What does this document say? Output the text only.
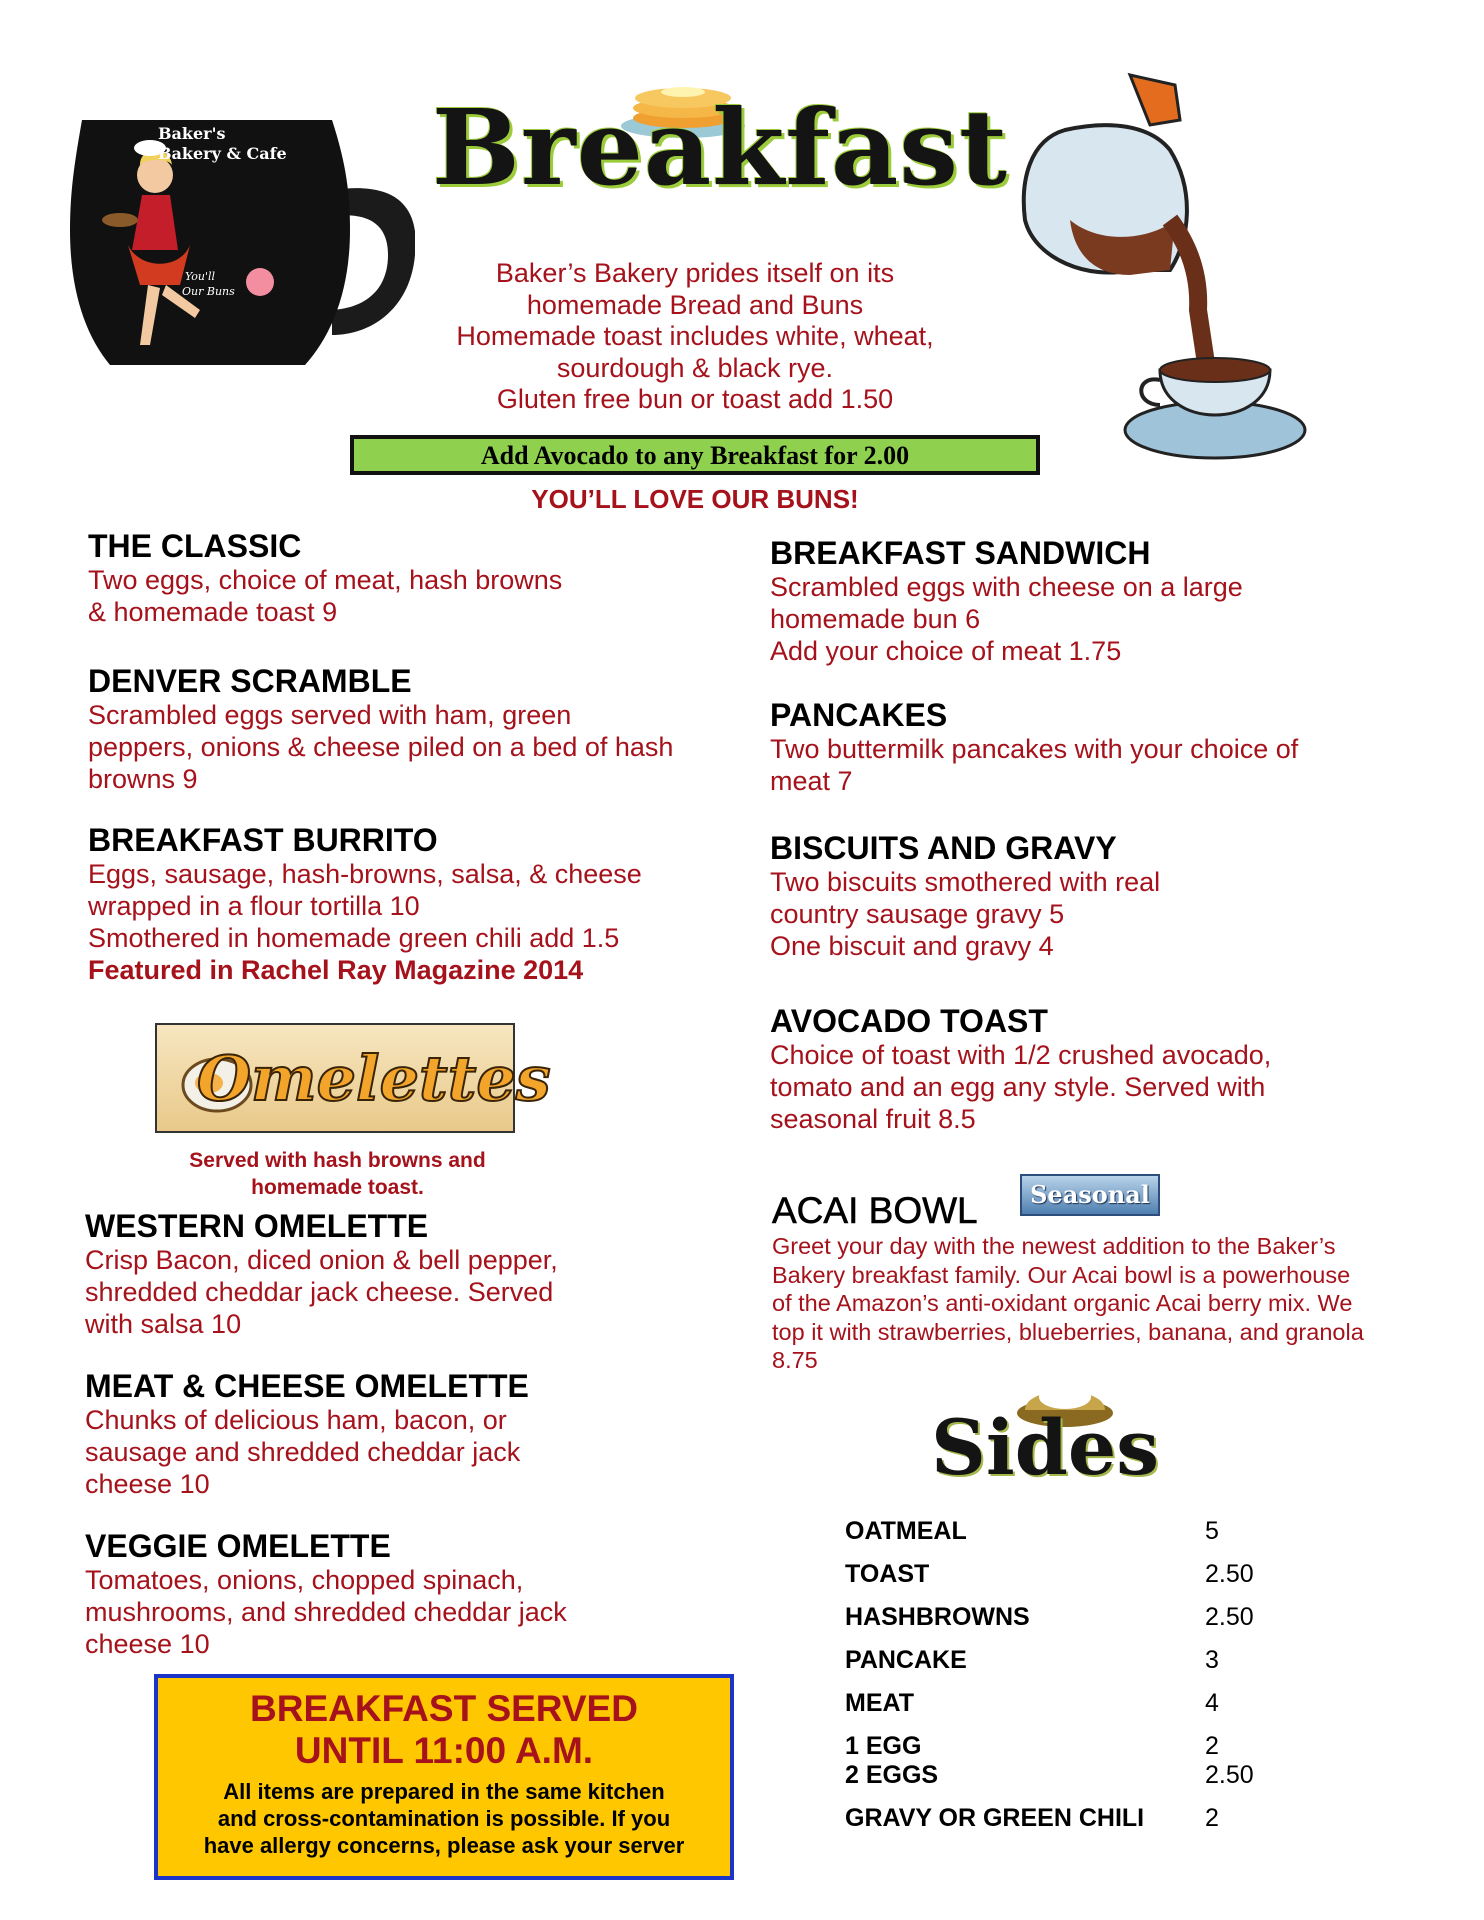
Baker's
Bakery & Cafe
You'll
Our Buns
Breakfast
Baker’s Bakery prides itself on its
homemade Bread and Buns
Homemade toast includes white, wheat,
sourdough & black rye.
Gluten free bun or toast add 1.50
Add Avocado to any Breakfast for 2.00
YOU’LL LOVE OUR BUNS!
THE CLASSIC
Two eggs, choice of meat, hash browns
& homemade toast 9
DENVER SCRAMBLE
Scrambled eggs served with ham, green
peppers, onions & cheese piled on a bed of hash
browns 9
BREAKFAST BURRITO
Eggs, sausage, hash-browns, salsa, & cheese
wrapped in a flour tortilla 10
Smothered in homemade green chili add 1.5
Featured in Rachel Ray Magazine 2014
Omelettes
Served with hash browns and
homemade toast.
WESTERN OMELETTE
Crisp Bacon, diced onion & bell pepper,
shredded cheddar jack cheese. Served
with salsa 10
MEAT & CHEESE OMELETTE
Chunks of delicious ham, bacon, or
sausage and shredded cheddar jack
cheese 10
VEGGIE OMELETTE
Tomatoes, onions, chopped spinach,
mushrooms, and shredded cheddar jack
cheese 10
BREAKFAST SERVED
UNTIL 11:00 A.M.
All items are prepared in the same kitchen
and cross-contamination is possible. If you
have allergy concerns, please ask your server
BREAKFAST SANDWICH
Scrambled eggs with cheese on a large
homemade bun 6
Add your choice of meat 1.75
PANCAKES
Two buttermilk pancakes with your choice of
meat 7
BISCUITS AND GRAVY
Two biscuits smothered with real
country sausage gravy 5
One biscuit and gravy 4
AVOCADO TOAST
Choice of toast with 1/2 crushed avocado,
tomato and an egg any style. Served with
seasonal fruit 8.5
ACAI BOWL
Greet your day with the newest addition to the Baker’s
Bakery breakfast family. Our Acai bowl is a powerhouse
of the Amazon’s anti-oxidant organic Acai berry mix. We
top it with strawberries, blueberries, banana, and granola
8.75
Seasonal
Sides
OATMEAL	5
TOAST	2.50
HASHBROWNS	2.50
PANCAKE	3
MEAT	4
1 EGG	2
2 EGGS	2.50
GRAVY OR GREEN CHILI 2
